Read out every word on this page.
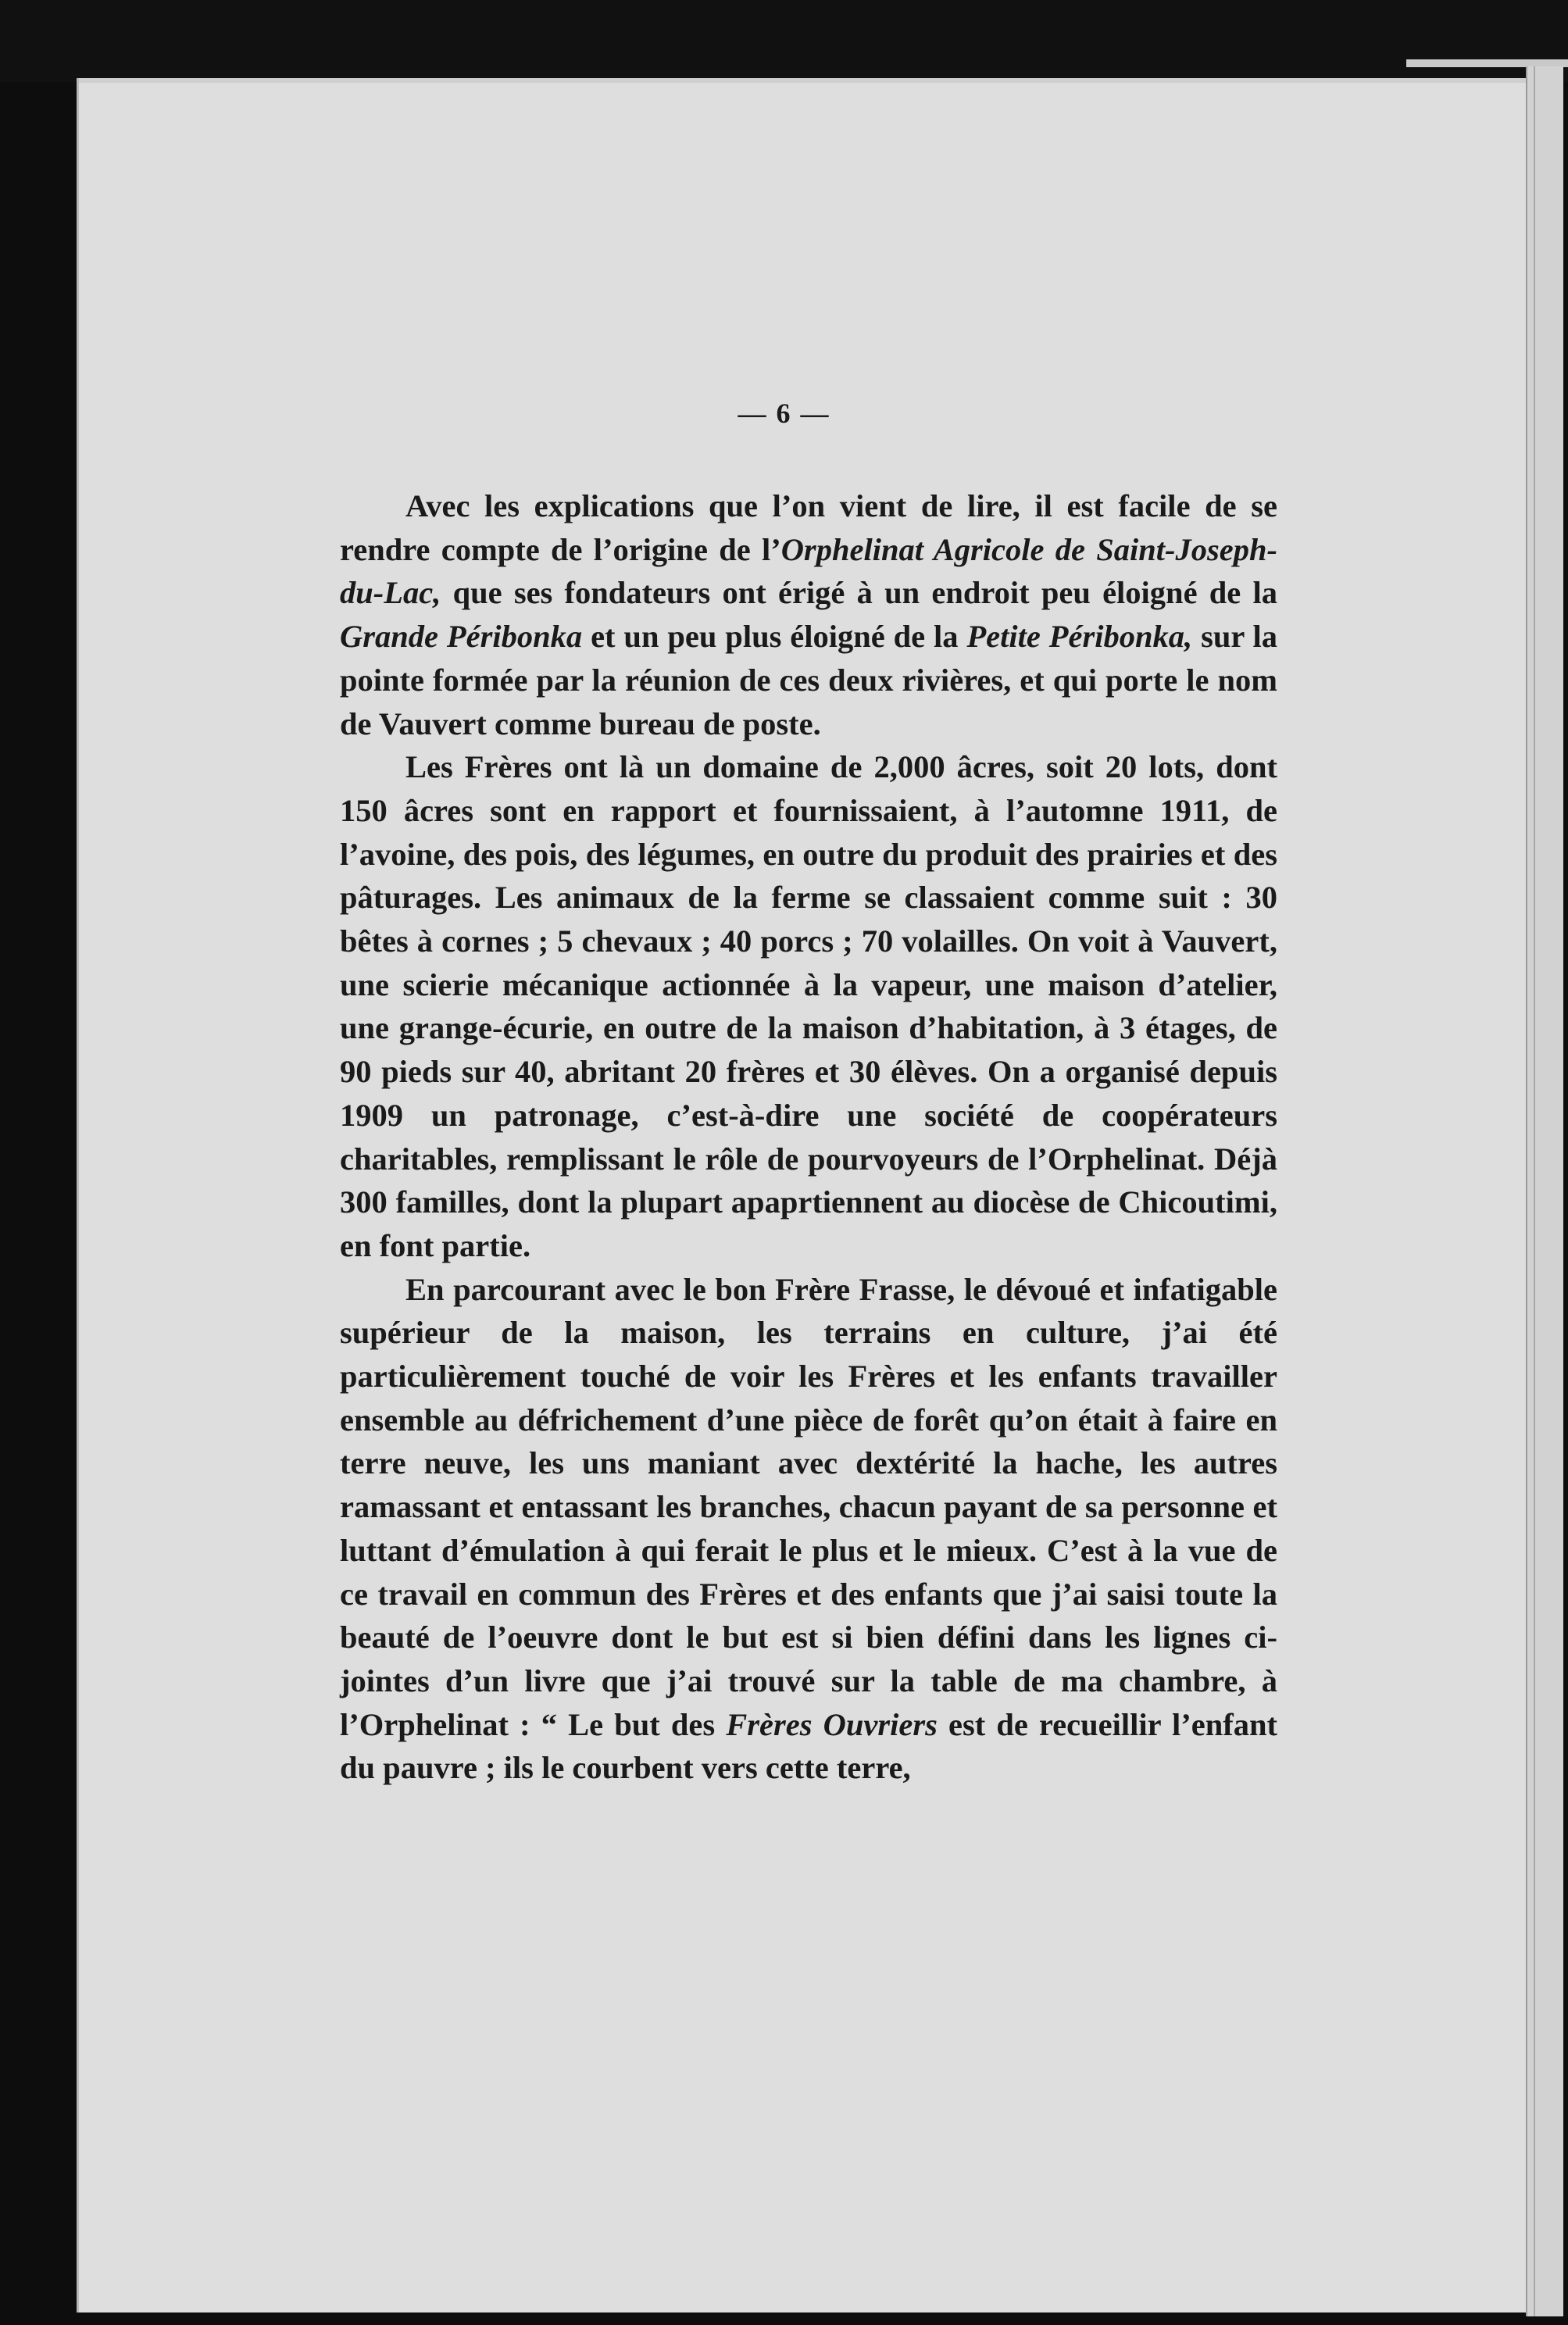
— 6 —

Avec les explications que l’on vient de lire, il est facile de se rendre compte de l’origine de l’Orphelinat Agricole de Saint-Joseph-du-Lac, que ses fondateurs ont érigé à un endroit peu éloigné de la Grande Péribonka et un peu plus éloigné de la Petite Péribonka, sur la pointe formée par la réunion de ces deux rivières, et qui porte le nom de Vauvert comme bureau de poste.

Les Frères ont là un domaine de 2,000 âcres, soit 20 lots, dont 150 âcres sont en rapport et fournissaient, à l’automne 1911, de l’avoine, des pois, des légumes, en outre du produit des prairies et des pâturages. Les animaux de la ferme se classaient comme suit : 30 bêtes à cornes ; 5 chevaux ; 40 porcs ; 70 volailles. On voit à Vauvert, une scierie mécanique actionnée à la vapeur, une maison d’atelier, une grange-écurie, en outre de la maison d’habitation, à 3 étages, de 90 pieds sur 40, abritant 20 frères et 30 élèves. On a organisé depuis 1909 un patronage, c’est-à-dire une société de coopérateurs charitables, remplissant le rôle de pourvoyeurs de l’Orphelinat. Déjà 300 familles, dont la plupart apaprtiennent au diocèse de Chicoutimi, en font partie.

En parcourant avec le bon Frère Frasse, le dévoué et infatigable supérieur de la maison, les terrains en culture, j’ai été particulièrement touché de voir les Frères et les enfants travailler ensemble au défrichement d’une pièce de forêt qu’on était à faire en terre neuve, les uns maniant avec dextérité la hache, les autres ramassant et entassant les branches, chacun payant de sa personne et luttant d’émulation à qui ferait le plus et le mieux. C’est à la vue de ce travail en commun des Frères et des enfants que j’ai saisi toute la beauté de l’oeuvre dont le but est si bien défini dans les lignes ci-jointes d’un livre que j’ai trouvé sur la table de ma chambre, à l’Orphelinat : “ Le but des Frères Ouvriers est de recueillir l’enfant du pauvre ; ils le courbent vers cette terre,
